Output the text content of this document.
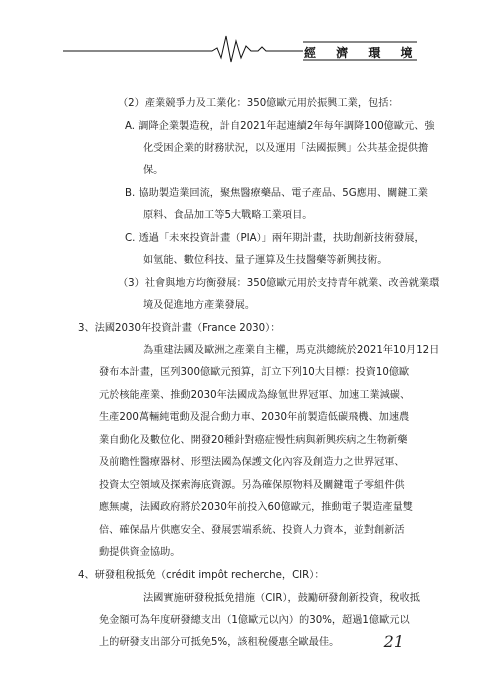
經 濟 環 境
（2）產業競爭力及工業化：350億歐元用於振興工業，包括：
A. 調降企業製造稅，計自2021年起連續2年每年調降100億歐元、強
化受困企業的財務狀況，以及運用「法國振興」公共基金提供擔
保。
B. 協助製造業回流，聚焦醫療藥品、電子產品、5G應用、關鍵工業
原料、食品加工等5大戰略工業項目。
C. 透過「未來投資計畫（PIA）」兩年期計畫，扶助創新技術發展，
如氫能、數位科技、量子運算及生技醫藥等新興技術。
（3）社會與地方均衡發展：350億歐元用於支持青年就業、改善就業環
境及促進地方產業發展。
3、法國2030年投資計畫（France 2030）：
為重建法國及歐洲之產業自主權，馬克洪總統於2021年10月12日
發布本計畫，匡列300億歐元預算，訂立下列10大目標：投資10億歐
元於核能產業、推動2030年法國成為綠氫世界冠軍、加速工業減碳、
生產200萬輛純電動及混合動力車、2030年前製造低碳飛機、加速農
業自動化及數位化、開發20種針對癌症慢性病與新興疾病之生物新藥
及前瞻性醫療器材、形塑法國為保護文化內容及創造力之世界冠軍、
投資太空領域及探索海底資源。另為確保原物料及關鍵電子零組件供
應無虞，法國政府將於2030年前投入60億歐元，推動電子製造產量雙
倍、確保晶片供應安全、發展雲端系統、投資人力資本，並對創新活
動提供資金協助。
4、研發租稅抵免（crédit impôt recherche，CIR）：
法國實施研發稅抵免措施（CIR），鼓勵研發創新投資，稅收抵
免金額可為年度研發總支出（1億歐元以內）的30%，超過1億歐元以
上的研發支出部分可抵免5%，該租稅優惠全歐最佳。	21
